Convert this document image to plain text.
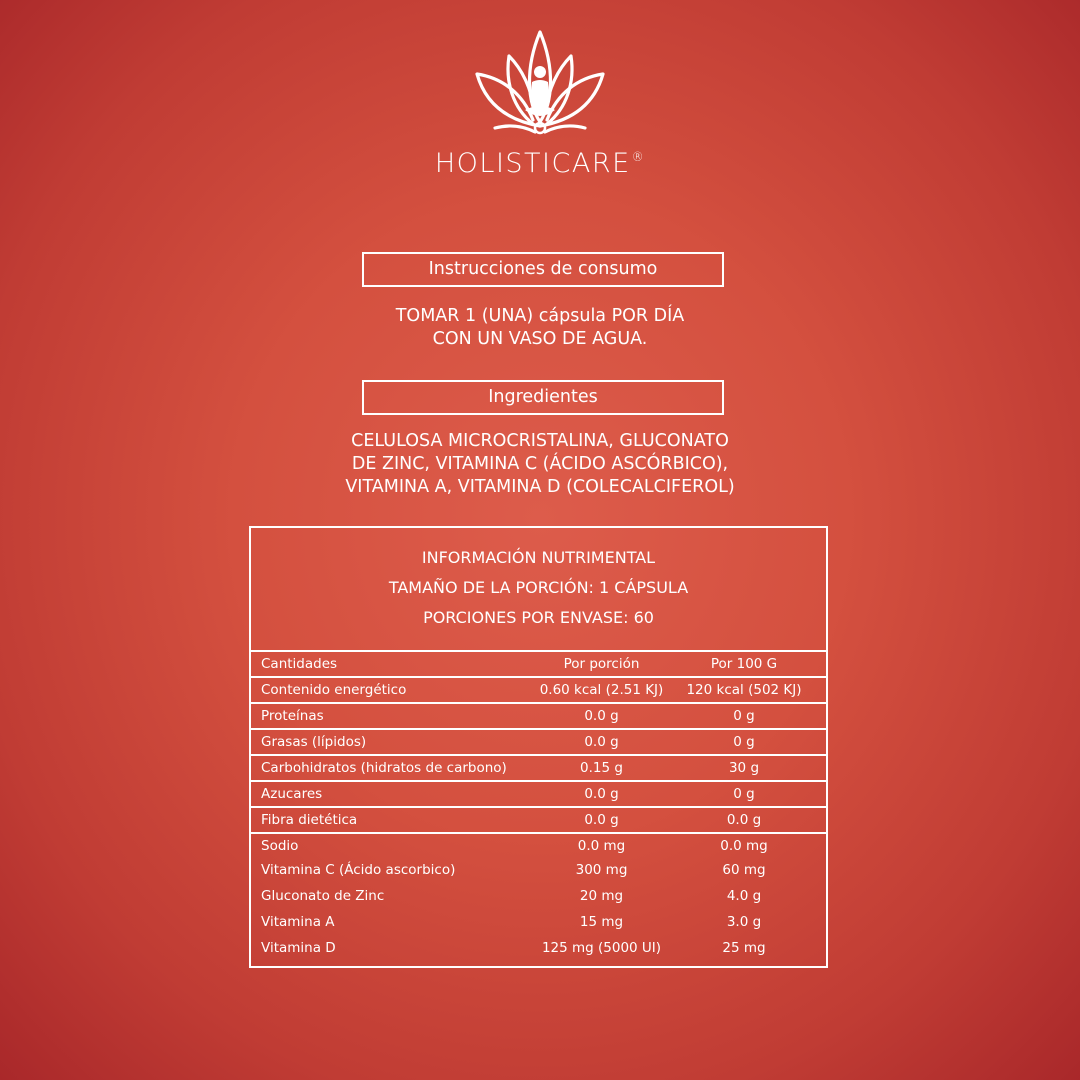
HOLISTICARE®
Instrucciones de consumo
TOMAR 1 (UNA) cápsula POR DÍA
CON UN VASO DE AGUA.
Ingredientes
CELULOSA MICROCRISTALINA, GLUCONATO
DE ZINC, VITAMINA C (ÁCIDO ASCÓRBICO),
VITAMINA A, VITAMINA D (COLECALCIFEROL)
INFORMACIÓN NUTRIMENTAL
TAMAÑO DE LA PORCIÓN: 1 CÁPSULA
PORCIONES POR ENVASE: 60
Cantidades	Por porción	Por 100 G
Contenido energético	0.60 kcal (2.51 KJ)	120 kcal (502 KJ)
Proteínas	0.0 g	0 g
Grasas (lípidos)	0.0 g	0 g
Carbohidratos (hidratos de carbono)	0.15 g	30 g
Azucares	0.0 g	0 g
Fibra dietética	0.0 g	0.0 g
Sodio	0.0 mg	0.0 mg
Vitamina C (Ácido ascorbico)	300 mg	60 mg
Gluconato de Zinc	20 mg	4.0 g
Vitamina A	15 mg	3.0 g
Vitamina D	125 mg (5000 UI)	25 mg
